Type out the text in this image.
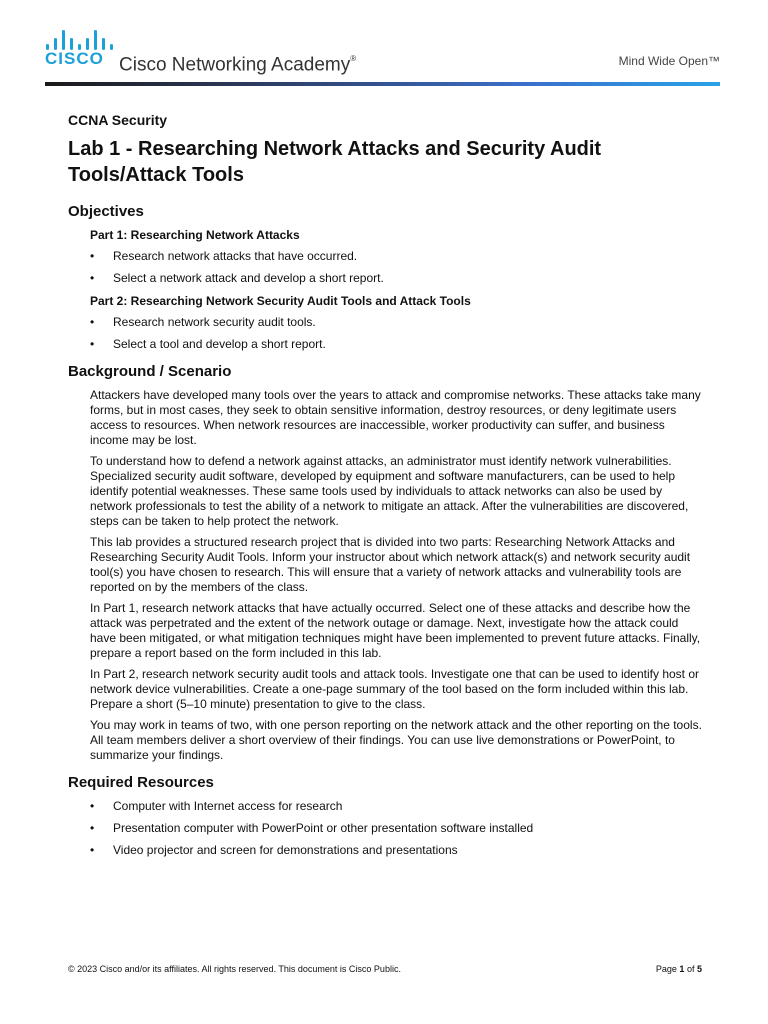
CISCO Cisco Networking Academy®	Mind Wide Open™
CCNA Security
Lab 1 - Researching Network Attacks and Security Audit Tools/Attack Tools
Objectives
Part 1: Researching Network Attacks
• Research network attacks that have occurred.
• Select a network attack and develop a short report.
Part 2: Researching Network Security Audit Tools and Attack Tools
• Research network security audit tools.
• Select a tool and develop a short report.
Background / Scenario

Attackers have developed many tools over the years to attack and compromise networks. These attacks take many forms, but in most cases, they seek to obtain sensitive information, destroy resources, or deny legitimate users access to resources. When network resources are inaccessible, worker productivity can suffer, and business income may be lost.

To understand how to defend a network against attacks, an administrator must identify network vulnerabilities. Specialized security audit software, developed by equipment and software manufacturers, can be used to help identify potential weaknesses. These same tools used by individuals to attack networks can also be used by network professionals to test the ability of a network to mitigate an attack. After the vulnerabilities are discovered, steps can be taken to help protect the network.

This lab provides a structured research project that is divided into two parts: Researching Network Attacks and Researching Security Audit Tools. Inform your instructor about which network attack(s) and network security audit tool(s) you have chosen to research. This will ensure that a variety of network attacks and vulnerability tools are reported on by the members of the class.

In Part 1, research network attacks that have actually occurred. Select one of these attacks and describe how the attack was perpetrated and the extent of the network outage or damage. Next, investigate how the attack could have been mitigated, or what mitigation techniques might have been implemented to prevent future attacks. Finally, prepare a report based on the form included in this lab.

In Part 2, research network security audit tools and attack tools. Investigate one that can be used to identify host or network device vulnerabilities. Create a one-page summary of the tool based on the form included within this lab. Prepare a short (5–10 minute) presentation to give to the class.

You may work in teams of two, with one person reporting on the network attack and the other reporting on the tools. All team members deliver a short overview of their findings. You can use live demonstrations or PowerPoint, to summarize your findings.

Required Resources
• Computer with Internet access for research
• Presentation computer with PowerPoint or other presentation software installed
• Video projector and screen for demonstrations and presentations
© 2023 Cisco and/or its affiliates. All rights reserved. This document is Cisco Public.	Page 1 of 5
